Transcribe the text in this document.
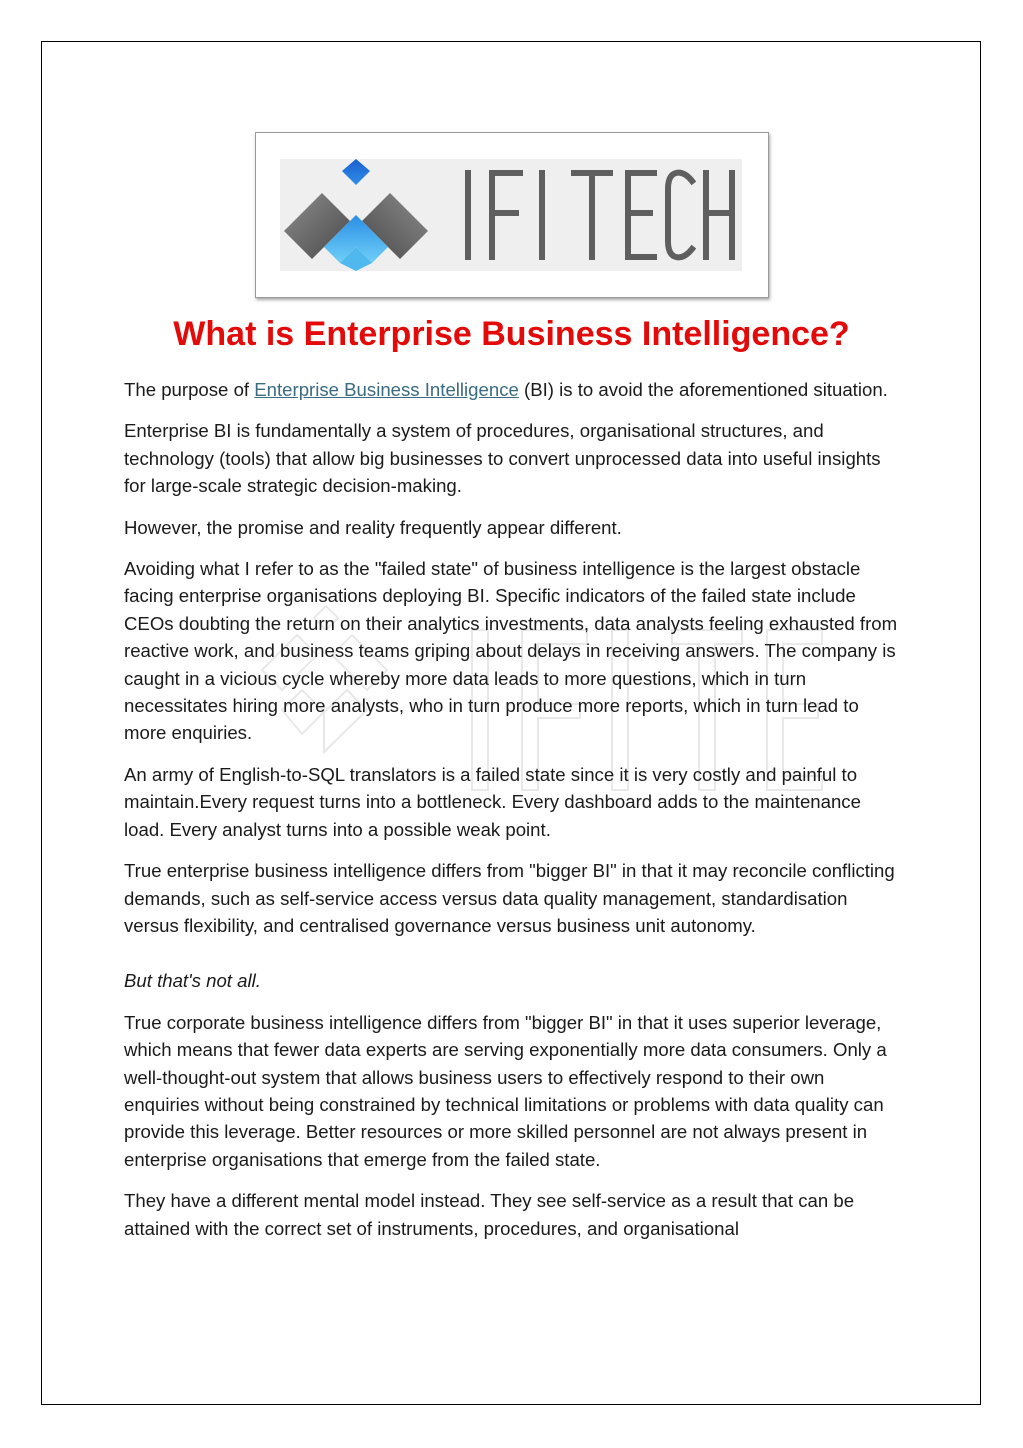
What is Enterprise Business Intelligence?

The purpose of Enterprise Business Intelligence (BI) is to avoid the aforementioned situation.

Enterprise BI is fundamentally a system of procedures, organisational structures, and technology (tools) that allow big businesses to convert unprocessed data into useful insights for large-scale strategic decision-making.

However, the promise and reality frequently appear different.

Avoiding what I refer to as the "failed state" of business intelligence is the largest obstacle facing enterprise organisations deploying BI. Specific indicators of the failed state include CEOs doubting the return on their analytics investments, data analysts feeling exhausted from reactive work, and business teams griping about delays in receiving answers. The company is caught in a vicious cycle whereby more data leads to more questions, which in turn necessitates hiring more analysts, who in turn produce more reports, which in turn lead to more enquiries.

An army of English-to-SQL translators is a failed state since it is very costly and painful to maintain.Every request turns into a bottleneck. Every dashboard adds to the maintenance load. Every analyst turns into a possible weak point.

True enterprise business intelligence differs from "bigger BI" in that it may reconcile conflicting demands, such as self-service access versus data quality management, standardisation versus flexibility, and centralised governance versus business unit autonomy.

But that's not all.

True corporate business intelligence differs from "bigger BI" in that it uses superior leverage, which means that fewer data experts are serving exponentially more data consumers. Only a well-thought-out system that allows business users to effectively respond to their own enquiries without being constrained by technical limitations or problems with data quality can provide this leverage. Better resources or more skilled personnel are not always present in enterprise organisations that emerge from the failed state.

They have a different mental model instead. They see self-service as a result that can be attained with the correct set of instruments, procedures, and organisational
